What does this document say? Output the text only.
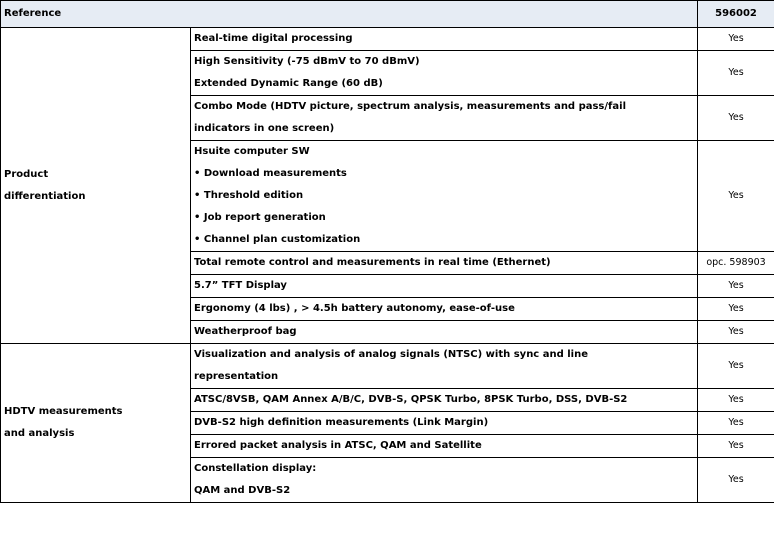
Reference		596002

Product
differentiation	Real-time digital processing	Yes

	High Sensitivity (-75 dBmV to 70 dBmV)
Extended Dynamic Range (60 dB)	Yes

	Combo Mode (HDTV picture, spectrum analysis, measurements and pass/fail
indicators in one screen)	Yes

	Hsuite computer SW
• Download measurements
• Threshold edition
• Job report generation
• Channel plan customization	Yes

	Total remote control and measurements in real time (Ethernet)	opc. 598903

	5.7” TFT Display	Yes

	Ergonomy (4 lbs) , > 4.5h battery autonomy, ease-of-use	Yes

	Weatherproof bag	Yes

HDTV measurements
and analysis	Visualization and analysis of analog signals (NTSC) with sync and line
representation	Yes

	ATSC/8VSB, QAM Annex A/B/C, DVB-S, QPSK Turbo, 8PSK Turbo, DSS, DVB-S2	Yes

	DVB-S2 high definition measurements (Link Margin)	Yes

	Errored packet analysis in ATSC, QAM and Satellite	Yes

	Constellation display:
QAM and DVB-S2	Yes
